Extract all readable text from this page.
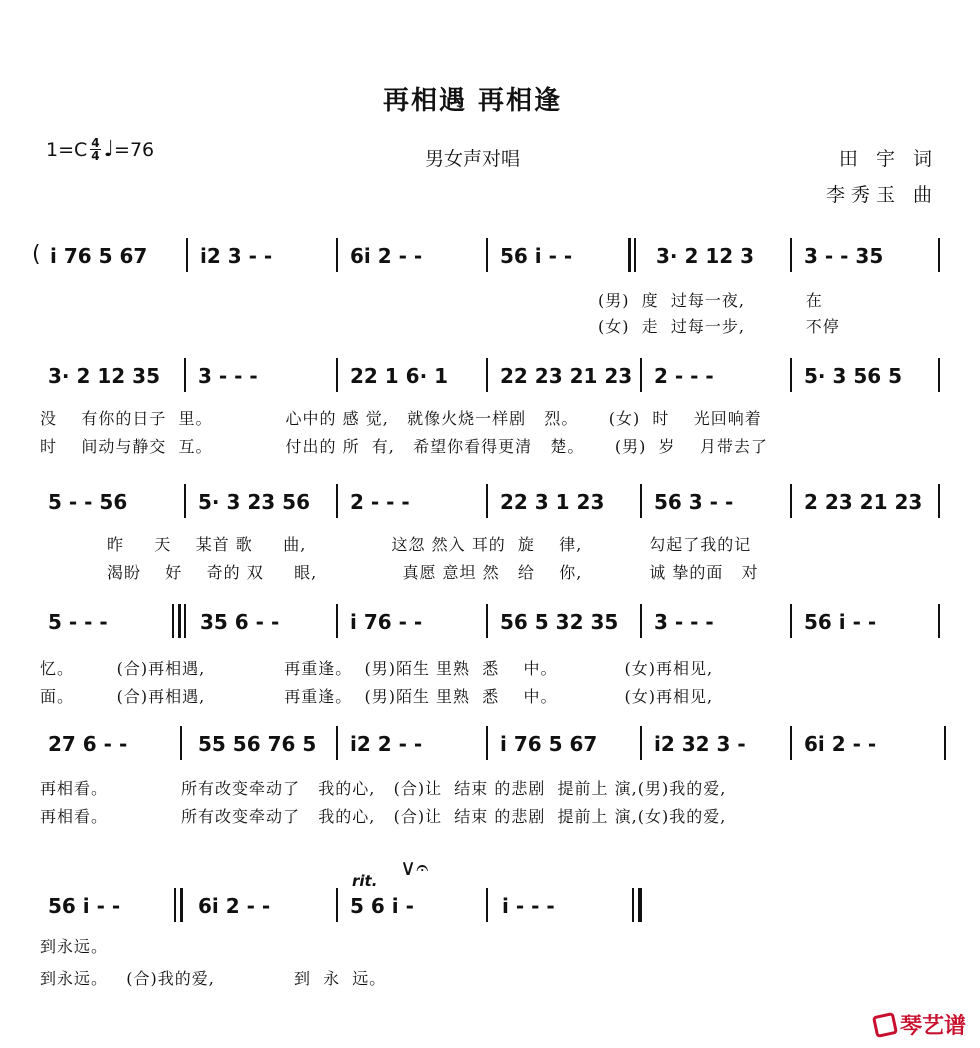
再相遇 再相逢
$1=C \frac{4}{4}$ ♩ =76	男女声对唱	田 宇 词
李秀玉 曲
( i 76 5 67	i2 3 - -	6i 2 - -	56 i - -	3· 2 12 3	3 - - 35
(男)  度  过每一夜,          在
(女)  走  过每一步,          不停
3· 2 12 35	3 - - -	22 1 6· 1	22 23 21 23	2 - - -	5· 3 56 5
没    有你的日子  里。            心中的 感 觉,   就像火烧一样剧   烈。     (女)  时    光回响着
时    间动与静交  互。            付出的 所  有,   希望你看得更清   楚。     (男)  岁    月带去了
5 - - 56	5· 3 23 56	2 - - -	22 3 1 23	56 3 - -	2 23 21 23
昨     天    某首 歌     曲,              这忽 然入 耳的  旋    律,           勾起了我的记
渴盼    好    奇的 双     眼,              真愿 意坦 然   给    你,           诚 挚的面   对
5 - - -	35 6 - -	i 76 - -	56 5 32 35	3 - - -	56 i - -
忆。       (合)再相遇,             再重逢。  (男)陌生 里熟  悉    中。           (女)再相见,
面。       (合)再相遇,             再重逢。  (男)陌生 里熟  悉    中。           (女)再相见,
27 6 - -	55 56 76 5	i2 2 - -	i 76 5 67	i2 32 3 -	6i 2 - -
再相看。            所有改变牵动了   我的心,   (合)让  结束 的悲剧  提前上 演,(男)我的爱,
再相看。            所有改变牵动了   我的心,   (合)让  结束 的悲剧  提前上 演,(女)我的爱,
rit. ∨𝄐
56 i - -	6i 2 - -	5 6 i -	i - - -
到永远。
到永远。   (合)我的爱,             到  永  远。
琴艺谱
